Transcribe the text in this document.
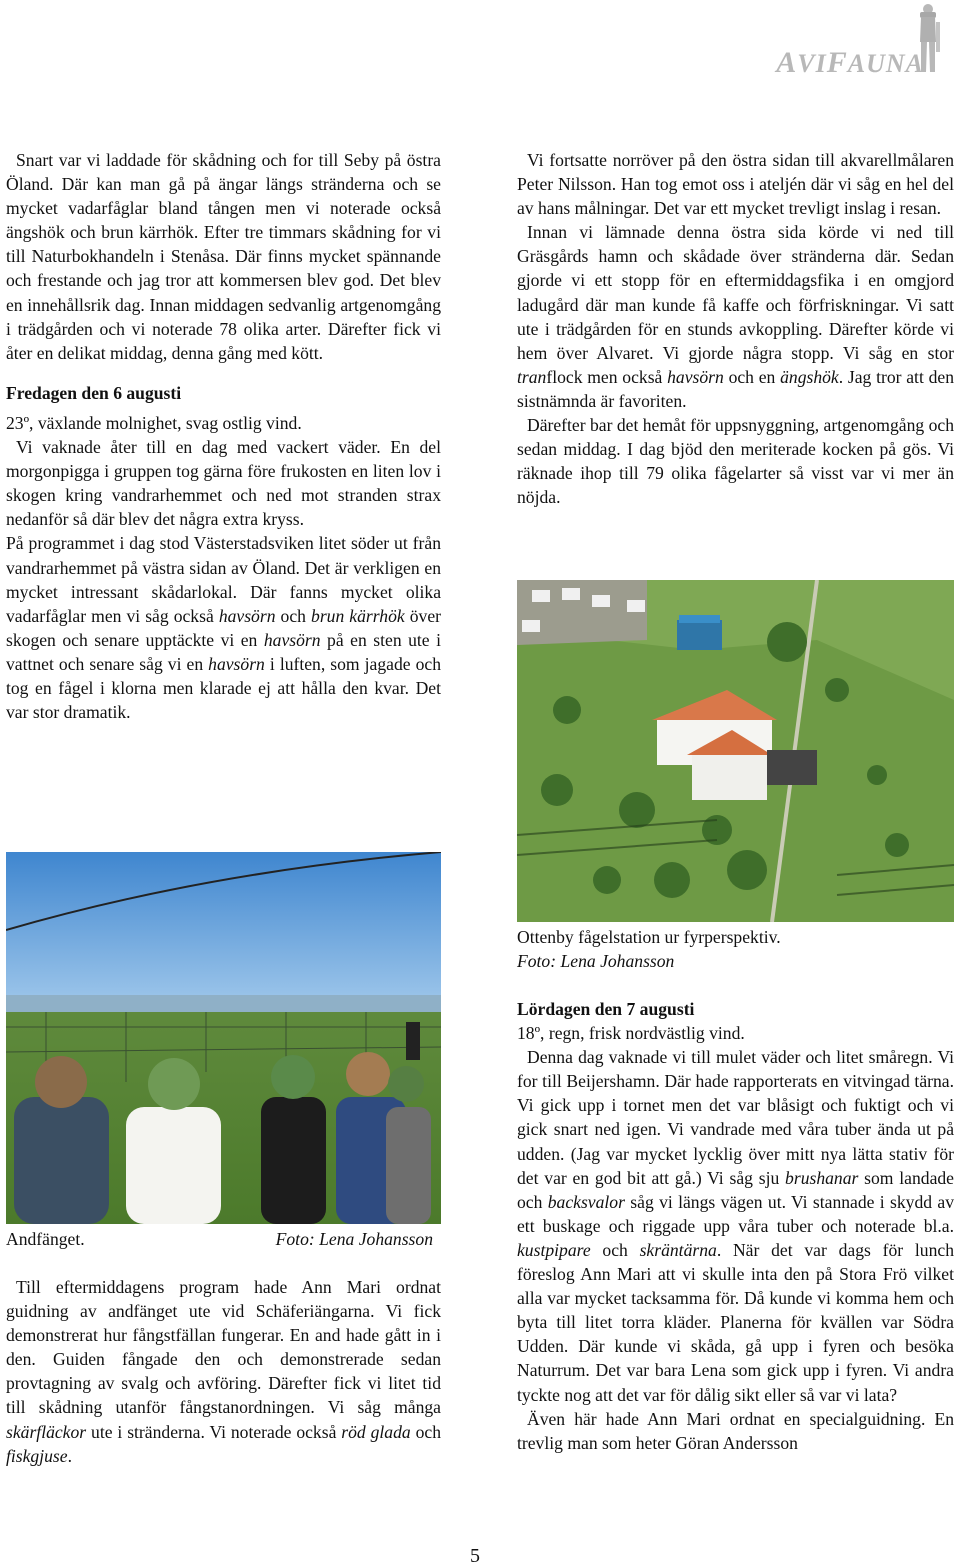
AVIFAUNA

Snart var vi laddade för skådning och for till Seby på östra Öland. Där kan man gå på ängar längs stränderna och se mycket vadarfåglar bland tången men vi noterade också ängshök och brun kärrhök. Efter tre timmars skådning for vi till Naturbokhandeln i Stenåsa. Där finns mycket spännande och frestande och jag tror att kommersen blev god. Det blev en innehållsrik dag. Innan middagen sedvanlig artgenomgång i trädgården och vi noterade 78 olika arter. Därefter fick vi åter en delikat middag, denna gång med kött.

Fredagen den 6 augusti

23º, växlande molnighet, svag ostlig vind.

Vi vaknade åter till en dag med vackert väder. En del morgonpigga i gruppen tog gärna före frukosten en liten lov i skogen kring vandrarhemmet och ned mot stranden strax nedanför så där blev det några extra kryss.

På programmet i dag stod Västerstadsviken litet söder ut från vandrarhemmet på västra sidan av Öland. Det är verkligen en mycket intressant skådarlokal. Där fanns mycket olika vadarfåglar men vi såg också havsörn och brun kärrhök över skogen och senare upptäckte vi en havsörn på en sten ute i vattnet och senare såg vi en havsörn i luften, som jagade och tog en fågel i klorna men klarade ej att hålla den kvar. Det var stor dramatik.

Andfänget.	Foto: Lena Johansson

Till eftermiddagens program hade Ann Mari ordnat guidning av andfänget ute vid Schäferiängarna. Vi fick demonstrerat hur fångstfällan fungerar. En and hade gått in i den. Guiden fångade den och demonstrerade sedan provtagning av svalg och avföring. Därefter fick vi litet tid till skådning utanför fångstanordningen. Vi såg många skärfläckor ute i stränderna. Vi noterade också röd glada och fiskgjuse.

Vi fortsatte norröver på den östra sidan till akvarellmålaren Peter Nilsson. Han tog emot oss i ateljén där vi såg en hel del av hans målningar. Det var ett mycket trevligt inslag i resan.

Innan vi lämnade denna östra sida körde vi ned till Gräsgårds hamn och skådade över stränderna där. Sedan gjorde vi ett stopp för en eftermiddagsfika i en omgjord ladugård där man kunde få kaffe och förfriskningar. Vi satt ute i trädgården för en stunds avkoppling. Därefter körde vi hem över Alvaret. Vi gjorde några stopp. Vi såg en stor tranflock men också havsörn och en ängshök. Jag tror att den sistnämnda är favoriten.

Därefter bar det hemåt för uppsnyggning, artgenomgång och sedan middag. I dag bjöd den meriterade kocken på gös. Vi räknade ihop till 79 olika fågelarter så visst var vi mer än nöjda.

Ottenby fågelstation ur fyrperspektiv.

Foto: Lena Johansson

Lördagen den 7 augusti

18º, regn, frisk nordvästlig vind.

Denna dag vaknade vi till mulet väder och litet småregn. Vi for till Beijershamn. Där hade rapporterats en vitvingad tärna. Vi gick upp i tornet men det var blåsigt och fuktigt och vi gick snart ned igen. Vi vandrade med våra tuber ända ut på udden. (Jag var mycket lycklig över mitt nya lätta stativ för det var en god bit att gå.) Vi såg sju brushanar som landade och backsvalor såg vi längs vägen ut. Vi stannade i skydd av ett buskage och riggade upp våra tuber och noterade bl.a. kustpipare och skräntärna. När det var dags för lunch föreslog Ann Mari att vi skulle inta den på Stora Frö vilket alla var mycket tacksamma för. Då kunde vi komma hem och byta till litet torra kläder. Planerna för kvällen var Södra Udden. Där kunde vi skåda, gå upp i fyren och besöka Naturrum. Det var bara Lena som gick upp i fyren. Vi andra tyckte nog att det var för dålig sikt eller så var vi lata?

Även här hade Ann Mari ordnat en specialguidning. En trevlig man som heter Göran Andersson

5
